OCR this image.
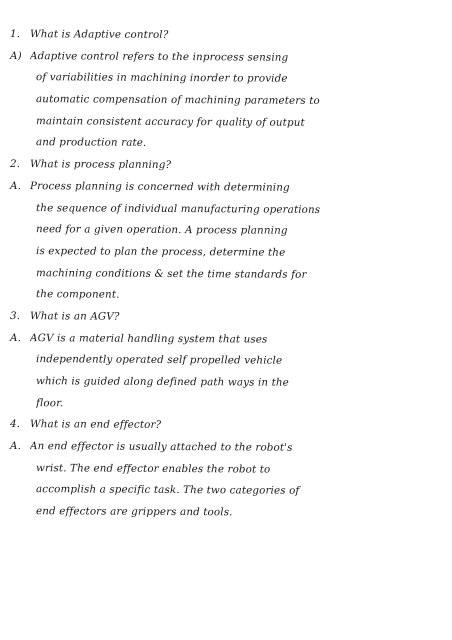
1. What is Adaptive control?
A) Adaptive control refers to the inprocess sensing
of variabilities in machining inorder to provide
automatic compensation of machining parameters to
maintain consistent accuracy for quality of output
and production rate.
2. What is process planning?
A. Process planning is concerned with determining
the sequence of individual manufacturing operations
need for a given operation. A process planning
is expected to plan the process, determine the
machining conditions & set the time standards for
the component.
3. What is an AGV?
A. AGV is a material handling system that uses
independently operated self propelled vehicle
which is guided along defined path ways in the
floor.
4. What is an end effector?
A. An end effector is usually attached to the robot's
wrist. The end effector enables the robot to
accomplish a specific task. The two categories of
end effectors are grippers and tools.
